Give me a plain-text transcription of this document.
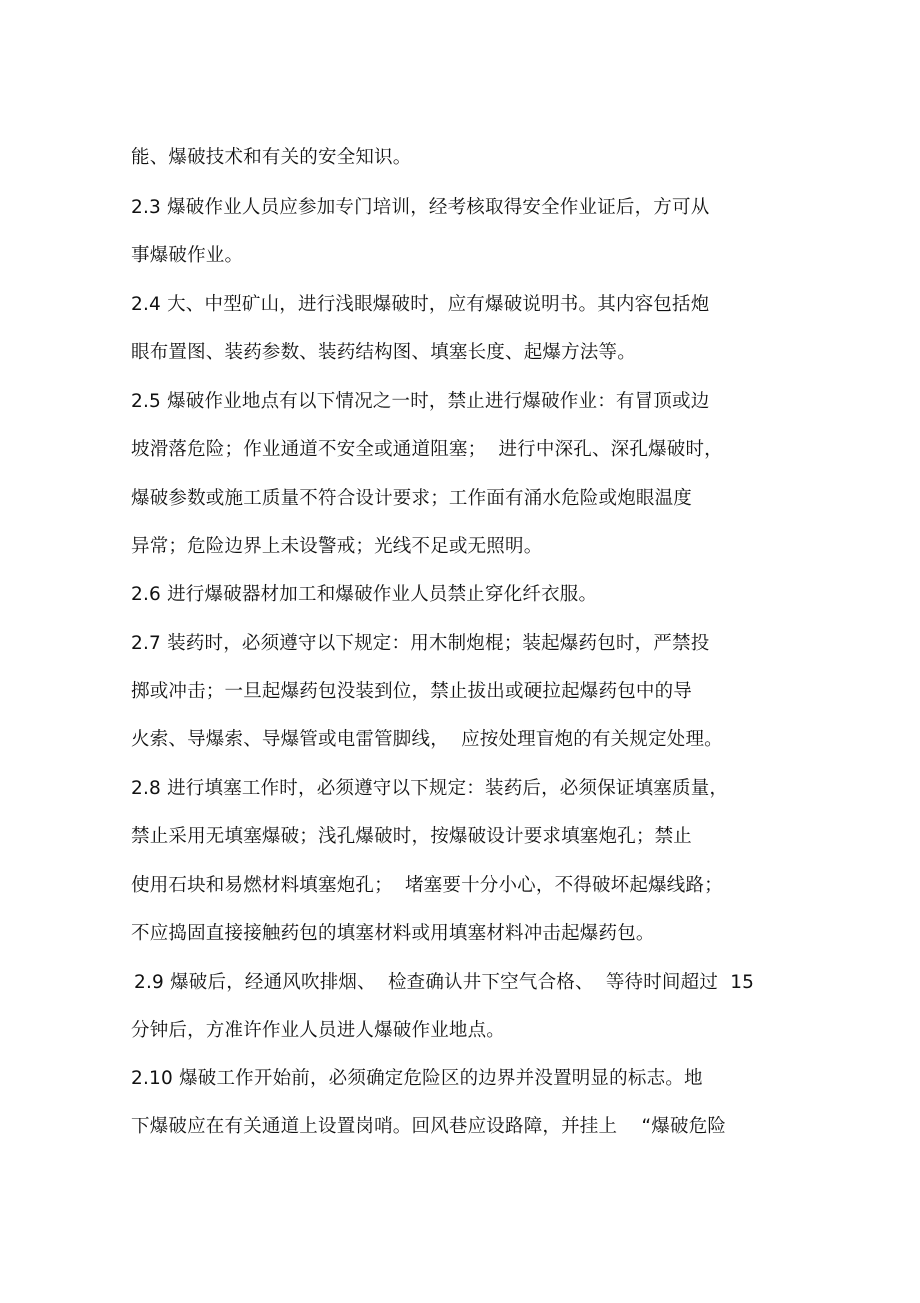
能、爆破技术和有关的安全知识。
2.3 爆破作业人员应参加专门培训，经考核取得安全作业证后，方可从
事爆破作业。
2.4 大、中型矿山，进行浅眼爆破时，应有爆破说明书。其内容包括炮
眼布置图、装药参数、装药结构图、填塞长度、起爆方法等。
2.5 爆破作业地点有以下情况之一时，禁止进行爆破作业：有冒顶或边
坡滑落危险；作业通道不安全或通道阻塞；  进行中深孔、深孔爆破时，
爆破参数或施工质量不符合设计要求；工作面有涌水危险或炮眼温度
异常；危险边界上未设警戒；光线不足或无照明。
2.6 进行爆破器材加工和爆破作业人员禁止穿化纤衣服。
2.7 装药时，必须遵守以下规定：用木制炮棍；装起爆药包时，严禁投
掷或冲击；一旦起爆药包没装到位，禁止拔出或硬拉起爆药包中的导
火索、导爆索、导爆管或电雷管脚线，  应按处理盲炮的有关规定处理。
2.8 进行填塞工作时，必须遵守以下规定：装药后，必须保证填塞质量，
禁止采用无填塞爆破；浅孔爆破时，按爆破设计要求填塞炮孔；禁止
使用石块和易燃材料填塞炮孔；  堵塞要十分小心，不得破坏起爆线路；
不应捣固直接接触药包的填塞材料或用填塞材料冲击起爆药包。
2.9 爆破后，经通风吹排烟、  检查确认井下空气合格、  等待时间超过  15
分钟后，方准许作业人员进人爆破作业地点。
2.10 爆破工作开始前，必须确定危险区的边界并没置明显的标志。地
下爆破应在有关通道上设置岗哨。回风巷应设路障，并挂上    “爆破危险
